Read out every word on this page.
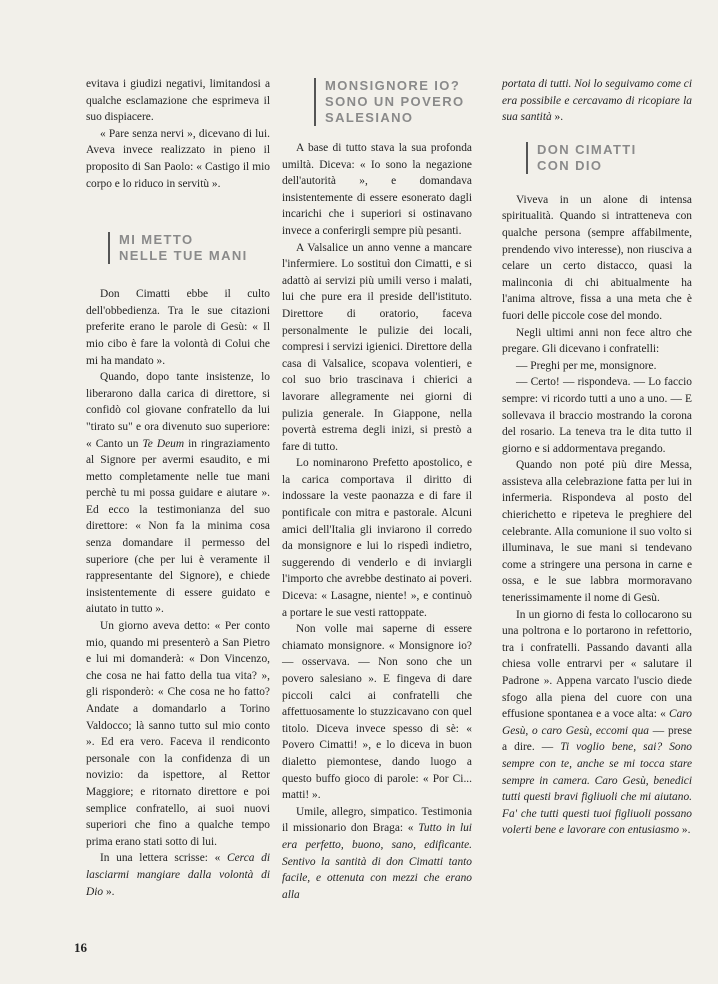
evitava i giudizi negativi, limitandosi a qualche esclamazione che esprimeva il suo dispiacere.

« Pare senza nervi », dicevano di lui. Aveva invece realizzato in pieno il proposito di San Paolo: « Castigo il mio corpo e lo riduco in servitù ».

MI METTO
NELLE TUE MANI

Don Cimatti ebbe il culto dell'obbedienza. Tra le sue citazioni preferite erano le parole di Gesù: « Il mio cibo è fare la volontà di Colui che mi ha mandato ».

Quando, dopo tante insistenze, lo liberarono dalla carica di direttore, si confidò col giovane confratello da lui "tirato su" e ora divenuto suo superiore: « Canto un Te Deum in ringraziamento al Signore per avermi esaudito, e mi metto completamente nelle tue mani perchè tu mi possa guidare e aiutare ». Ed ecco la testimonianza del suo direttore: « Non fa la minima cosa senza domandare il permesso del superiore (che per lui è veramente il rappresentante del Signore), e chiede insistentemente di essere guidato e aiutato in tutto ».

Un giorno aveva detto: « Per conto mio, quando mi presenterò a San Pietro e lui mi domanderà: « Don Vincenzo, che cosa ne hai fatto della tua vita? », gli risponderò: « Che cosa ne ho fatto? Andate a domandarlo a Torino Valdocco; là sanno tutto sul mio conto ». Ed era vero. Faceva il rendiconto personale con la confidenza di un novizio: da ispettore, al Rettor Maggiore; e ritornato direttore e poi semplice confratello, ai suoi nuovi superiori che fino a qualche tempo prima erano stati sotto di lui.

In una lettera scrisse: « Cerca di lasciarmi mangiare dalla volontà di Dio ».

MONSIGNORE IO?
SONO UN POVERO
SALESIANO

A base di tutto stava la sua profonda umiltà. Diceva: « Io sono la negazione dell'autorità », e domandava insistentemente di essere esonerato dagli incarichi che i superiori si ostinavano invece a conferirgli sempre più pesanti.

A Valsalice un anno venne a mancare l'infermiere. Lo sostituì don Cimatti, e si adattò ai servizi più umili verso i malati, lui che pure era il preside dell'istituto. Direttore di oratorio, faceva personalmente le pulizie dei locali, compresi i servizi igienici. Direttore della casa di Valsalice, scopava volentieri, e col suo brio trascinava i chierici a lavorare allegramente nei giorni di pulizia generale. In Giappone, nella povertà estrema degli inizi, si prestò a fare di tutto.

Lo nominarono Prefetto apostolico, e la carica comportava il diritto di indossare la veste paonazza e di fare il pontificale con mitra e pastorale. Alcuni amici dell'Italia gli inviarono il corredo da monsignore e lui lo rispedì indietro, suggerendo di venderlo e di inviargli l'importo che avrebbe destinato ai poveri. Diceva: « Lasagne, niente! », e continuò a portare le sue vesti rattoppate.

Non volle mai saperne di essere chiamato monsignore. « Monsignore io? — osservava. — Non sono che un povero salesiano ». E fingeva di dare piccoli calci ai confratelli che affettuosamente lo stuzzicavano con quel titolo. Diceva invece spesso di sè: « Povero Cimatti! », e lo diceva in buon dialetto piemontese, dando luogo a questo buffo gioco di parole: « Por Ci... matti! ».

Umile, allegro, simpatico. Testimonia il missionario don Braga: « Tutto in lui era perfetto, buono, sano, edificante. Sentivo la santità di don Cimatti tanto facile, e ottenuta con mezzi che erano alla

portata di tutti. Noi lo seguivamo come ci era possibile e cercavamo di ricopiare la sua santità ».

DON CIMATTI
CON DIO

Viveva in un alone di intensa spiritualità. Quando si intratteneva con qualche persona (sempre affabilmente, prendendo vivo interesse), non riusciva a celare un certo distacco, quasi la malinconia di chi abitualmente ha l'anima altrove, fissa a una meta che è fuori delle piccole cose del mondo.

Negli ultimi anni non fece altro che pregare. Gli dicevano i confratelli:

— Preghi per me, monsignore.

— Certo! — rispondeva. — Lo faccio sempre: vi ricordo tutti a uno a uno. — E sollevava il braccio mostrando la corona del rosario. La teneva tra le dita tutto il giorno e si addormentava pregando.

Quando non poté più dire Messa, assisteva alla celebrazione fatta per lui in infermeria. Rispondeva al posto del chierichetto e ripeteva le preghiere del celebrante. Alla comunione il suo volto si illuminava, le sue mani si tendevano come a stringere una persona in carne e ossa, e le sue labbra mormoravano tenerissimamente il nome di Gesù.

In un giorno di festa lo collocarono su una poltrona e lo portarono in refettorio, tra i confratelli. Passando davanti alla chiesa volle entrarvi per « salutare il Padrone ». Appena varcato l'uscio diede sfogo alla piena del cuore con una effusione spontanea e a voce alta: « Caro Gesù, o caro Gesù, eccomi qua — prese a dire. — Ti voglio bene, sai? Sono sempre con te, anche se mi tocca stare sempre in camera. Caro Gesù, benedici tutti questi bravi figliuoli che mi aiutano. Fa' che tutti questi tuoi figliuoli possano volerti bene e lavorare con entusiasmo ».

16
